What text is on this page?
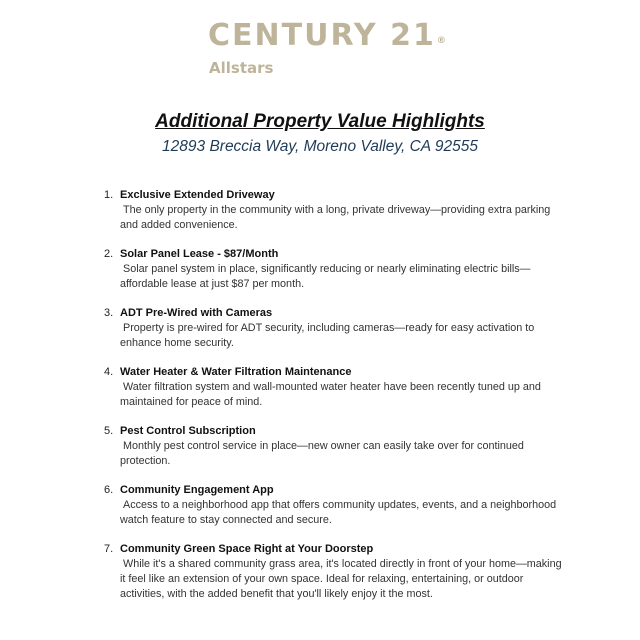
CENTURY 21®
Allstars
Additional Property Value Highlights
12893 Breccia Way, Moreno Valley, CA 92555
1. Exclusive Extended Driveway
The only property in the community with a long, private driveway—providing extra parking and added convenience.
2. Solar Panel Lease - $87/Month
Solar panel system in place, significantly reducing or nearly eliminating electric bills—affordable lease at just $87 per month.
3. ADT Pre-Wired with Cameras
Property is pre-wired for ADT security, including cameras—ready for easy activation to enhance home security.
4. Water Heater & Water Filtration Maintenance
Water filtration system and wall-mounted water heater have been recently tuned up and maintained for peace of mind.
5. Pest Control Subscription
Monthly pest control service in place—new owner can easily take over for continued protection.
6. Community Engagement App
Access to a neighborhood app that offers community updates, events, and a neighborhood watch feature to stay connected and secure.
7. Community Green Space Right at Your Doorstep
While it's a shared community grass area, it's located directly in front of your home—making it feel like an extension of your own space. Ideal for relaxing, entertaining, or outdoor activities, with the added benefit that you'll likely enjoy it the most.
